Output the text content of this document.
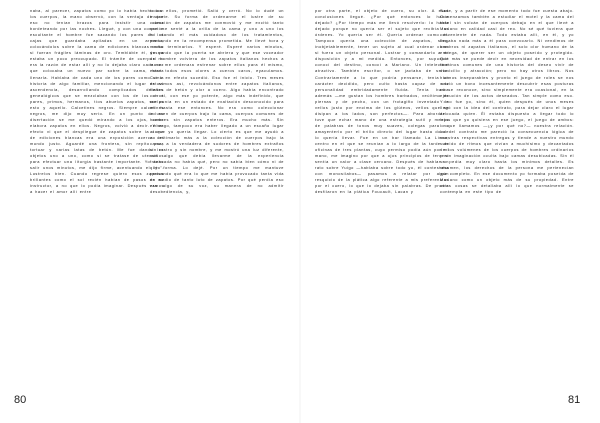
naba, al parecer, zapatos como yo lo había hecho con los cuerpos, la mano observó, con la ventaja de que eso no tenían brazos para insistir una cama bordeteando por las noches. Llegué, y con una conexión escultante el hombre fue sacando los pares de las cajas que guardaba apiladas en un armario, colocándolos sobre la cama de ediciones blancas como si fueran frágiles láminas de oro. Tembláble él, yo ya estaba un poco preocupado. El trámite de cuerpos no era la razón de estar allí y no lo dejaba claro cada vez que colocaba un nuevo par sobre la cama, hasta llenarla. Hablaba de cada uno de los pares como si la historia de algo familiar, mencionando el lugar de su ascendencia, desarrollando complicados detalles genealógicos que se mezclaban con los de los otros pares, primos, hermanos, tíos abuelos zapatos, suelas esto y aquello. Calcetines negros. Siempre calcetines negros, me dijo muy serio. En un punto de su disertación se me quedó mirando a los ojos, como elabora zapatos en ellos. Negros, volvió a decir. Y en efecto vi que el despliegue de zapatos sobre la cama de ediciones blancas era una exposición acerca del mundo justo. Aguardé una frontera, sin repito para tortuar y varias latas de betún. Me fue dando los objetos uno a uno, como si se tratase de utensilios para efectuar una liturgia bastante importante. Yo debo salir unos minutos, me dijo firme, acentuando el "yo". Lustrelos bien. Cuando regrese quiero esos zapatos brillantes como el sol recién habían de pasos de su instructor, a no que lo podía imaginar. Después vamos a hacer el amor allí entre

todos ellos, prometió. Salió y cerró. No lo dudé un instante. Su forma de ordenarme el lustre de su colección de zapatos me conmovió y me excitó tanto que me senté a la orilla de la cama y uno a uno los fui dando el más cuidadoso de los tratamientos, pensando en la recompensa prometida. Me llevé hora y media terminarlos. Y esperé. Esperé varios minutos, deseando que la puerta se abriera y que ese voceador del hombre volviera de los zapatos italianos hechos a mano me ordenara estrenar sobre ellos para él mismo, entre todos esos olores a cueros caros, eyaculamos. Como en efecto sucedió. Eso fue el inicio. Tres meses estuvimos así, revolcándonos entre zapatos italianos, llenos de betún y olor a cuero. Algo había encontrado con él, con ese yo potente, algo más indefinido, que me ponía en un estado de exaltación desconocido para mí hasta ese entonces. No era como coleccionar volumen de cuerpos bajo la cama, cuerpos comunes de hombres sin zapatos enteros. Era mucho más. Sin embargo, tampoco era haber llegado a un escaño lugar al que yo quería llegar. Lo cierto es que me ayudó a no estimarlo más a la colección de cuerpos bajo la cama, a la verdadera de sudores de hombres extraños sin rostro y sin nombre, y me mostró una luz diferente, con algo que debía llevarme de la experiencia fracasada no había qué, pero no sabía bien cómo ni de qué forma. Lo dejé. Por un tiempo me mantuve pensando qué era lo que me había provocado tanta vida en medio de tanto luto de zapatos. Por qué perdía eso era algo de su voz, su manera de no admitir desobediencia, y,

por otra parte, el objeto de cuero, su olor. A esas conclusiones llegué. ¿Por qué entonces lo había dejado? ¿Por tiempo más me llevó resolverlo: lo había dejado porque no quería ser el sujeto que recibía las órdenes. Yo quería ser él. Quería ordenar como él. Tampoco quería una colección de zapatos, sino, inobjetablemente, tener un sujeto al cual ordenar como si fuera un objeto personal. Lustrar y comandarlo a mi disposición y a mi medida. Entonces, por supuesto conocí del destino, conocí a Mariano. Un intelectual atractivo. También escritor, o se jactaba de serlo. Contrariamente a lo que podría pensarse, tenía un carácter decidido, pero culto hasta capaz de una personalidad embridadamente fluida. Tenía barba además —me gustan los hombres barbados, veúltimo de piernas y de pecho, con un frotagiño inventado de vellos justo por encima de los glúteos, vellos que se disipan a los lados, son perfectos—. Para abordarlo tuve que echar mano de una estrategia sutil y menos de palabras de tonos muy suaves, colegas para no amayenterlo por el brillo directo del lugar hasta donde lo quería llevar. Fue en un bar llamado La Línea, centro en el que se reunían a lo largo de la tarde de oficinas de tres plantas, cuyo permiso podía aún por mi mano, me imagino por que a ojos principios de tercero sentía un valor a clase cercano. Después de hablar un rato sobre Yuigo —hablaba sobre todo yo, él contestaba con monosílabos— pasamos a relatar por algún resquicio de la plática algo referente a mis preferencias por el cuero, lo que lo dejaba sin palabras. De pronto desfilaron en la plática Foucault, Lacan y

Sade, y a partir de ese momento todo fue cuesta abajo. Comenzamos también a estudiar el motel y la cama del hotel sin volcán de cuerpos debajo en el que llevé a Mariano en calidad casi de reo. No sé qué tuviera que conveniente de nada. Todo estaba allí, en él, y yo llegaba nada más a él para convocarlo. Ni vendimos de hombros ni zapatos italianos, el solo olor humano de la entrega, de querer ser un objeto poseído y protegido. Qué más se puede decir en necesidad de entrar en los términos comunes de una historia del deseo vivir de domicilio y atracción; pero no hay otros libros. Nos hicimos inseparables y pronto el juego de roles se nos volvió un bono incesantemente descubrir esas posturas no se reconoce, sino simplemente era ocasional, en la ejecución de los actos deseados. Tan simple como eso. Y no fue yo, sino él, quien después de unos meses llegó con la idea del contrato, para dejar claro el lugar de cada quien. Él estaba dispuesto a llegar todo lo lejos que yo quisiera en ese juego, el juego de ambos: lo que llamamos —¿y por qué no?— nuestra relación. Lo del contrato me pareció la consecuencia lógica de nuestras respectivas entregas y tiende a nuestro mundo surcido de ritmos que vivían a muchísimo y decantados de los volúmenes de los cuerpos de hombres ordinarios y sin imaginación oculta bajo camas desubicadas. Sin él se pedía muy claro hasta los mínimos detalles. Es resumen, los derechos de la persona me pertenecían por completo. En ese documento yo formaba poseída de Mariano como un objeto más de su propiedad. Entre otras cosas se detallaba allí lo que normalmente se contempla en este tipo de

80	81
